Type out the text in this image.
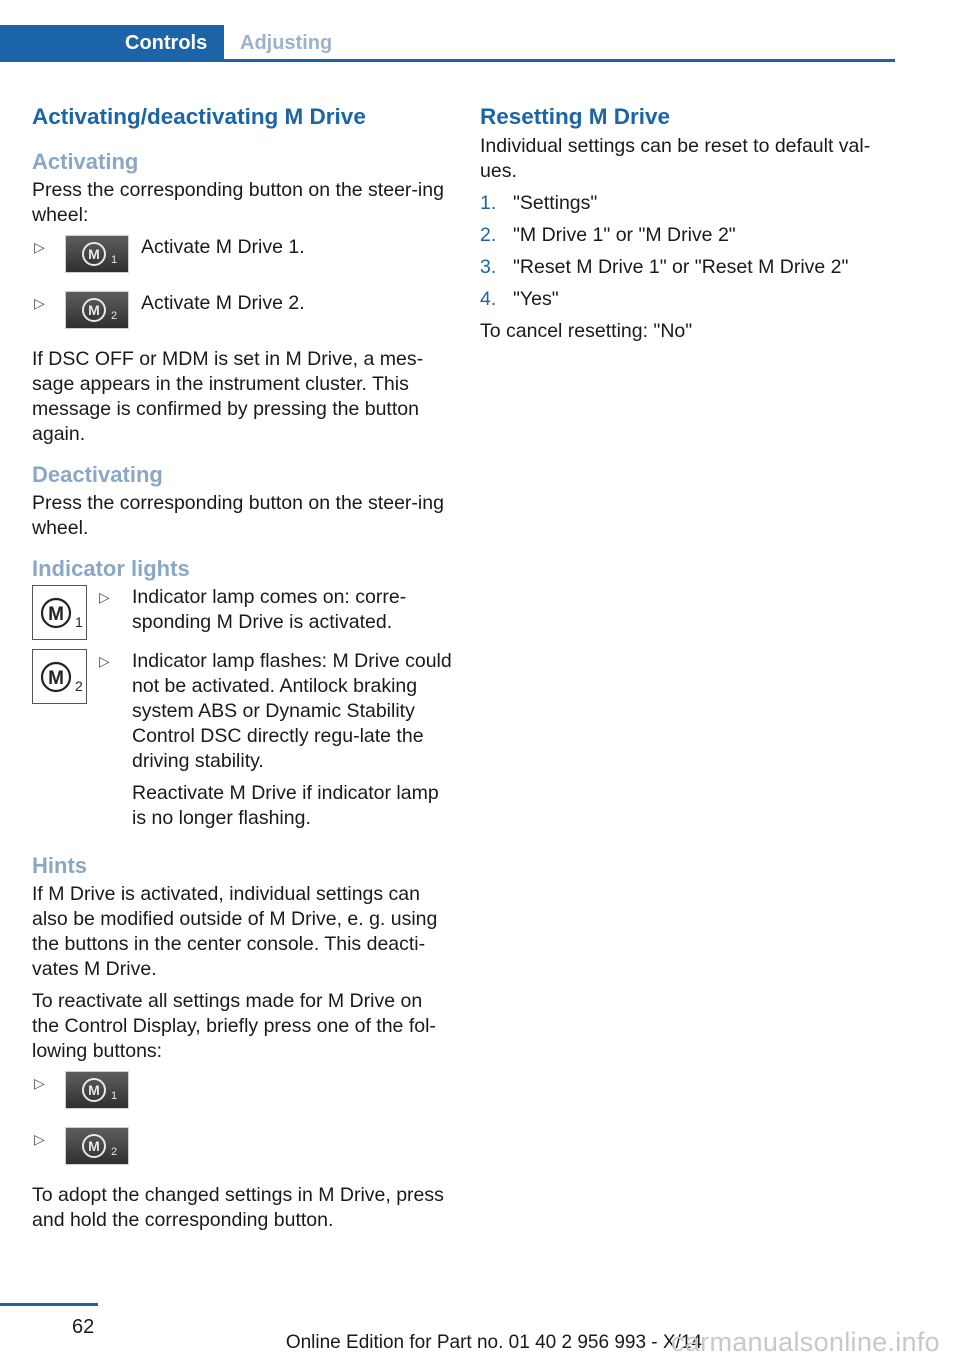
Controls	Adjusting
Activating/deactivating M Drive
Activating

Press the corresponding button on the steer-ing wheel:

▷	M 1
Activate M Drive 1.
▷	M 2
Activate M Drive 2.

If DSC OFF or MDM is set in M Drive, a mes-sage appears in the instrument cluster. This message is confirmed by pressing the button again.

Deactivating

Press the corresponding button on the steer-ing wheel.

Indicator lights
M 1
▷	Indicator lamp comes on: corre-sponding M Drive is activated.
M 2
▷	Indicator lamp flashes: M Drive could not be activated. Antilock braking system ABS or Dynamic Stability Control DSC directly regu-late the driving stability.

Reactivate M Drive if indicator lamp is no longer flashing.

Hints

If M Drive is activated, individual settings can also be modified outside of M Drive, e. g. using the buttons in the center console. This deacti-vates M Drive.

To reactivate all settings made for M Drive on the Control Display, briefly press one of the fol-lowing buttons:

▷	M 1
▷	M 2

To adopt the changed settings in M Drive, press and hold the corresponding button.

Resetting M Drive

Individual settings can be reset to default val-ues.

1. "Settings"
2. "M Drive 1" or "M Drive 2"
3. "Reset M Drive 1" or "Reset M Drive 2"
4. "Yes"

To cancel resetting: "No"

62
Online Edition for Part no. 01 40 2 956 993 - X/14
carmanualsonline.info
